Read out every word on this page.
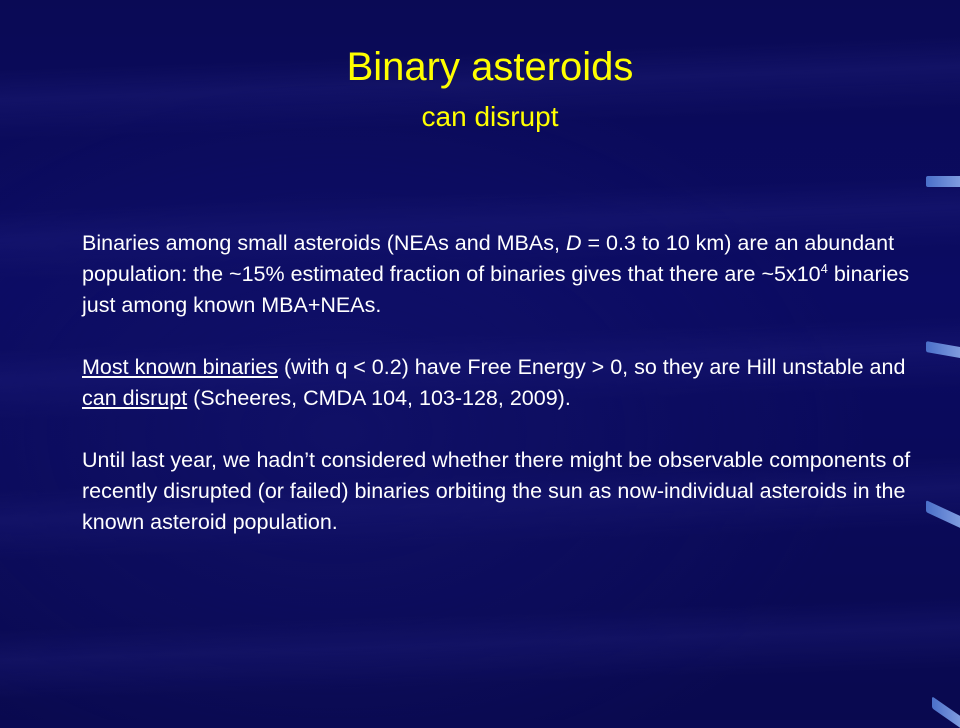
Binary asteroids
can disrupt

Binaries among small asteroids (NEAs and MBAs, D = 0.3 to 10 km) are an abundant population: the ~15% estimated fraction of binaries gives that there are $\sim 5x10^4$ binaries just among known MBA+NEAs.

Most known binaries (with q < 0.2) have Free Energy > 0, so they are Hill unstable and can disrupt (Scheeres, CMDA 104, 103-128, 2009).

Until last year, we hadn’t considered whether there might be observable components of recently disrupted (or failed) binaries orbiting the sun as now-individual asteroids in the known asteroid population.
